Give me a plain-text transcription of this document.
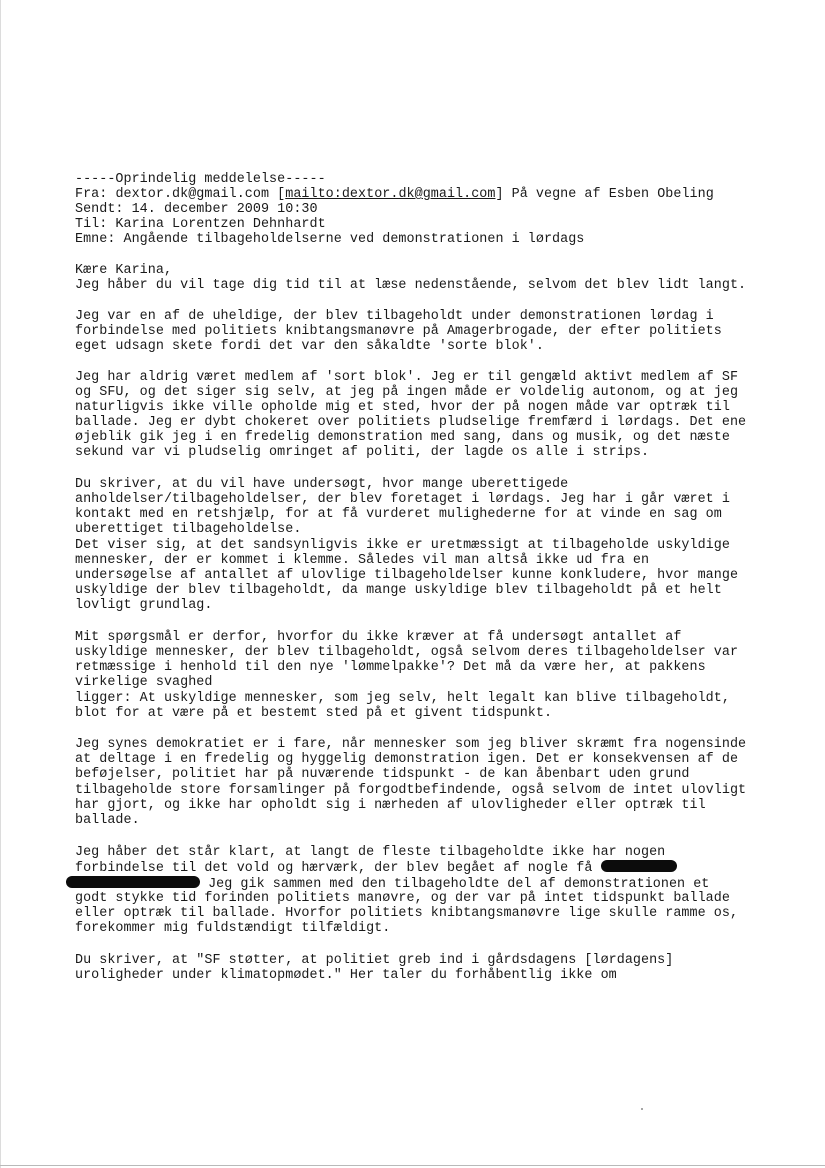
-----Oprindelig meddelelse-----
Fra: dextor.dk@gmail.com [mailto:dextor.dk@gmail.com] På vegne af Esben Obeling
Sendt: 14. december 2009 10:30
Til: Karina Lorentzen Dehnhardt
Emne: Angående tilbageholdelserne ved demonstrationen i lørdags
Kære Karina,
Jeg håber du vil tage dig tid til at læse nedenstående, selvom det blev lidt langt.
Jeg var en af de uheldige, der blev tilbageholdt under demonstrationen lørdag i
forbindelse med politiets knibtangsmanøvre på Amagerbrogade, der efter politiets
eget udsagn skete fordi det var den såkaldte 'sorte blok'.
Jeg har aldrig været medlem af 'sort blok'. Jeg er til gengæld aktivt medlem af SF
og SFU, og det siger sig selv, at jeg på ingen måde er voldelig autonom, og at jeg
naturligvis ikke ville opholde mig et sted, hvor der på nogen måde var optræk til
ballade. Jeg er dybt chokeret over politiets pludselige fremfærd i lørdags. Det ene
øjeblik gik jeg i en fredelig demonstration med sang, dans og musik, og det næste
sekund var vi pludselig omringet af politi, der lagde os alle i strips.
Du skriver, at du vil have undersøgt, hvor mange uberettigede
anholdelser/tilbageholdelser, der blev foretaget i lørdags. Jeg har i går været i
kontakt med en retshjælp, for at få vurderet mulighederne for at vinde en sag om
uberettiget tilbageholdelse.
Det viser sig, at det sandsynligvis ikke er uretmæssigt at tilbageholde uskyldige
mennesker, der er kommet i klemme. Således vil man altså ikke ud fra en
undersøgelse af antallet af ulovlige tilbageholdelser kunne konkludere, hvor mange
uskyldige der blev tilbageholdt, da mange uskyldige blev tilbageholdt på et helt
lovligt grundlag.
Mit spørgsmål er derfor, hvorfor du ikke kræver at få undersøgt antallet af
uskyldige mennesker, der blev tilbageholdt, også selvom deres tilbageholdelser var
retmæssige i henhold til den nye 'lømmelpakke'? Det må da være her, at pakkens
virkelige svaghed
ligger: At uskyldige mennesker, som jeg selv, helt legalt kan blive tilbageholdt,
blot for at være på et bestemt sted på et givent tidspunkt.
Jeg synes demokratiet er i fare, når mennesker som jeg bliver skræmt fra nogensinde
at deltage i en fredelig og hyggelig demonstration igen. Det er konsekvensen af de
beføjelser, politiet har på nuværende tidspunkt - de kan åbenbart uden grund
tilbageholde store forsamlinger på forgodtbefindende, også selvom de intet ulovligt
har gjort, og ikke har opholdt sig i nærheden af ulovligheder eller optræk til
ballade.
Jeg håber det står klart, at langt de fleste tilbageholdte ikke har nogen
forbindelse til det vold og hærværk, der blev begået af nogle få
Jeg gik sammen med den tilbageholdte del af demonstrationen et
godt stykke tid forinden politiets manøvre, og der var på intet tidspunkt ballade
eller optræk til ballade. Hvorfor politiets knibtangsmanøvre lige skulle ramme os,
forekommer mig fuldstændigt tilfældigt.
Du skriver, at "SF støtter, at politiet greb ind i gårdsdagens [lørdagens]
uroligheder under klimatopmødet." Her taler du forhåbentlig ikke om
